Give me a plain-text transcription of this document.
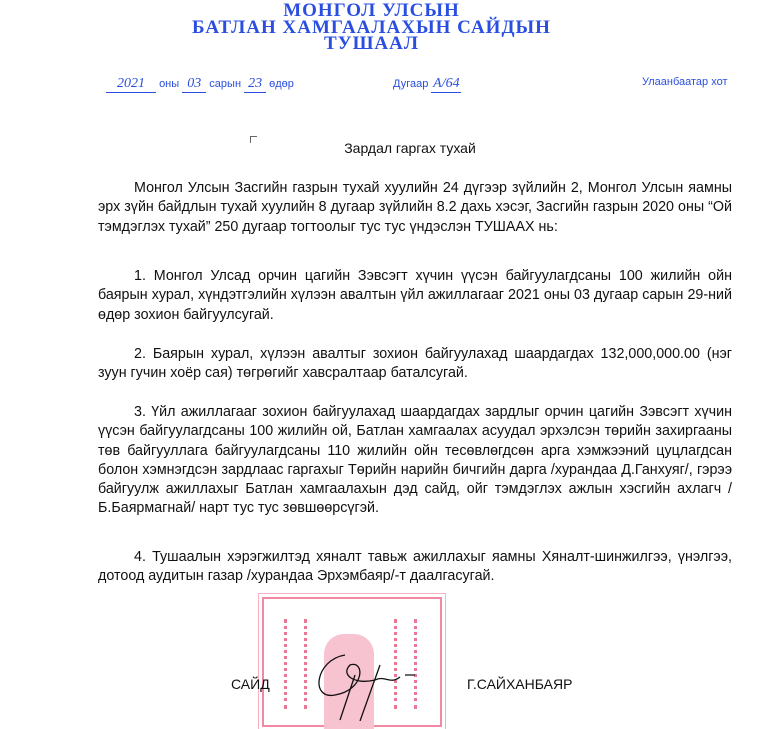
МОНГОЛ УЛСЫН
БАТЛАН ХАМГААЛАХЫН САЙДЫН
ТУШААЛ
2021 оны 03 сарын 23 өдөр	Дугаар А/64	Улаанбаатар хот
Зардал гаргах тухай

Монгол Улсын Засгийн газрын тухай хуулийн 24 дүгээр зүйлийн 2, Монгол Улсын яамны эрх зүйн байдлын тухай хуулийн 8 дугаар зүйлийн 8.2 дахь хэсэг, Засгийн газрын 2020 оны “Ой тэмдэглэх тухай” 250 дугаар тогтоолыг тус тус үндэслэн ТУШААХ нь:

1. Монгол Улсад орчин цагийн Зэвсэгт хүчин үүсэн байгуулагдсаны 100 жилийн ойн баярын хурал, хүндэтгэлийн хүлээн авалтын үйл ажиллагааг 2021 оны 03 дугаар сарын 29-ний өдөр зохион байгуулсугай.

2. Баярын хурал, хүлээн авалтыг зохион байгуулахад шаардагдах 132,000,000.00 (нэг зуун гучин хоёр сая) төгрөгийг хавсралтаар баталсугай.

3. Үйл ажиллагааг зохион байгуулахад шаардагдах зардлыг орчин цагийн Зэвсэгт хүчин үүсэн байгуулагдсаны 100 жилийн ой, Батлан хамгаалах асуудал эрхэлсэн төрийн захиргааны төв байгууллага байгуулагдсаны 110 жилийн ойн тесөвлөгдсөн арга хэмжээний цуцлагдсан болон хэмнэгдсэн зардлаас гаргахыг Төрийн нарийн бичгийн дарга /хурандаа Д.Ганхуяг/, гэрээ байгуулж ажиллахыг Батлан хамгаалахын дэд сайд, ойг тэмдэглэх ажлын хэсгийн ахлагч /Б.Баярмагнай/ нарт тус тус зөвшөөрсүгэй.

4. Тушаалын хэрэгжилтэд хяналт тавьж ажиллахыг яамны Хяналт-шинжилгээ, үнэлгээ, дотоод аудитын газар /хурандаа Эрхэмбаяр/-т даалгасугай.

САЙД	Г.САЙХАНБАЯР
